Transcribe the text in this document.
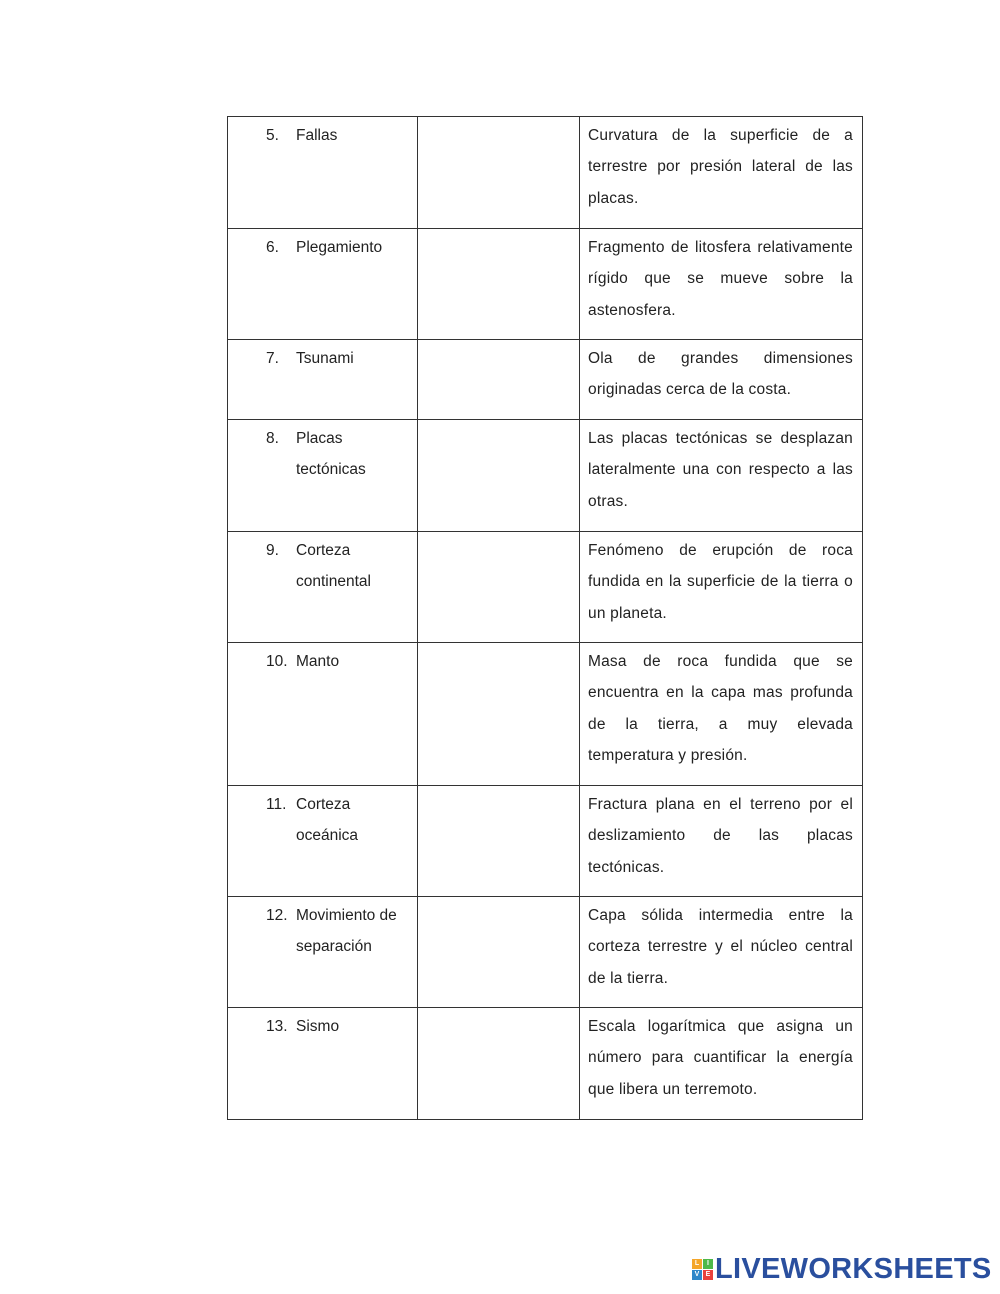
5. Fallas		Curvatura de la superficie de a terrestre por presión lateral de las placas.

6. Plegamiento		Fragmento de litosfera relativamente rígido que se mueve sobre la astenosfera.

7. Tsunami		Ola de grandes dimensiones originadas cerca de la costa.

8. Placas tectónicas		Las placas tectónicas se desplazan lateralmente una con respecto a las otras.

9. Corteza continental		Fenómeno de erupción de roca fundida en la superficie de la tierra o un planeta.

10. Manto		Masa de roca fundida que se encuentra en la capa mas profunda de la tierra, a muy elevada temperatura y presión.

11. Corteza oceánica		Fractura plana en el terreno por el deslizamiento de las placas tectónicas.

12. Movimiento de separación		Capa sólida intermedia entre la corteza terrestre y el núcleo central de la tierra.

13. Sismo		Escala logarítmica que asigna un número para cuantificar la energía que libera un terremoto.
L	I
V E LIVEWORKSHEETS
